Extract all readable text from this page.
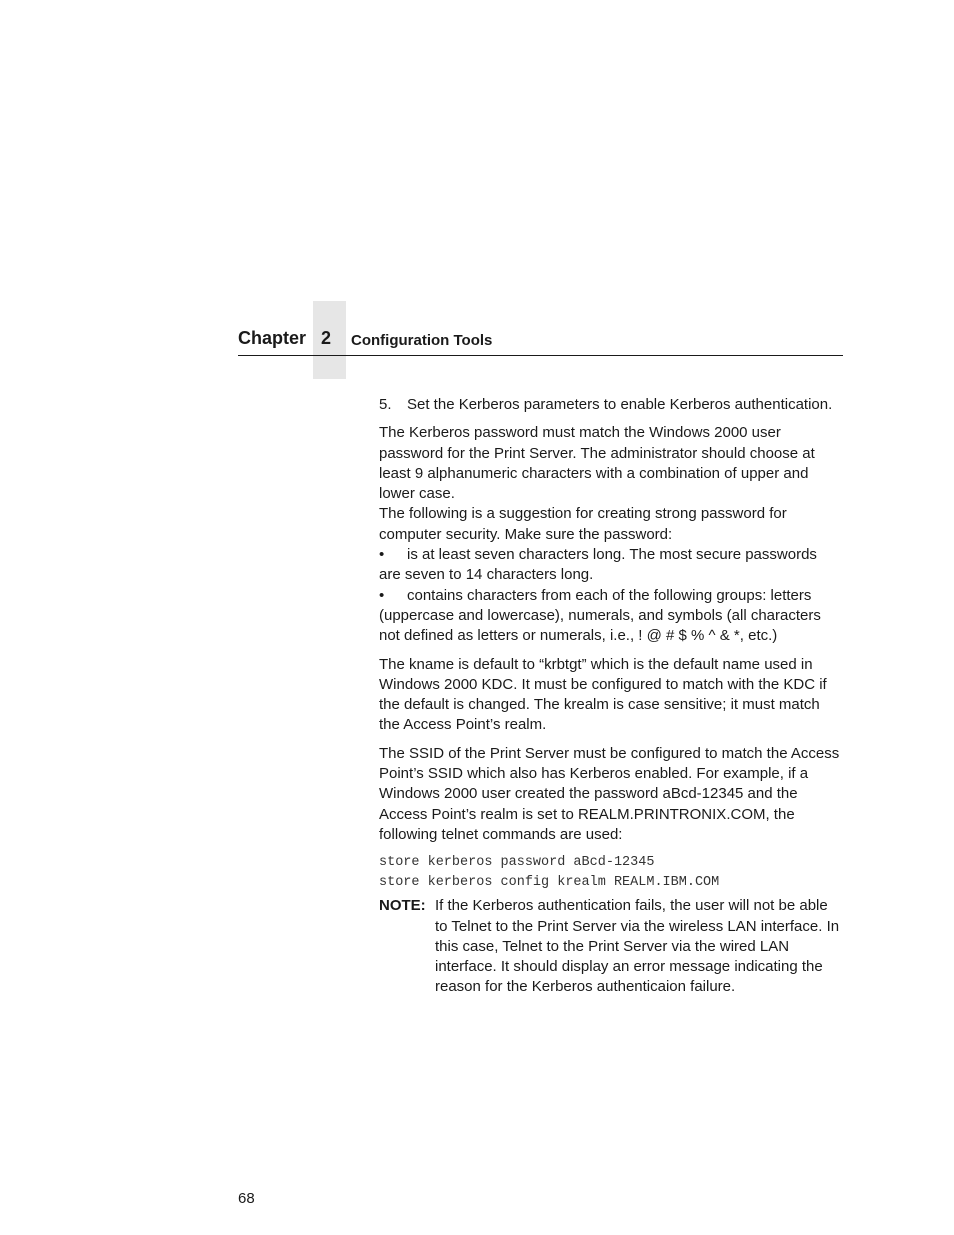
Chapter 2 Configuration Tools
5.	Set the Kerberos parameters to enable Kerberos authentication.

The Kerberos password must match the Windows 2000 user password for the Print Server. The administrator should choose at least 9 alphanumeric characters with a combination of upper and lower case.

The following is a suggestion for creating strong password for computer security. Make sure the password:

• is at least seven characters long. The most secure passwords are seven to 14 characters long.

• contains characters from each of the following groups: letters (uppercase and lowercase), numerals, and symbols (all characters not defined as letters or numerals, i.e., ! @ # $ % ^ & *, etc.)

The kname is default to “krbtgt” which is the default name used in Windows 2000 KDC. It must be configured to match with the KDC if the default is changed. The krealm is case sensitive; it must match the Access Point’s realm.

The SSID of the Print Server must be configured to match the Access Point’s SSID which also has Kerberos enabled. For example, if a Windows 2000 user created the password aBcd-12345 and the Access Point’s realm is set to REALM.PRINTRONIX.COM, the following telnet commands are used:

store kerberos password aBcd-12345
store kerberos config krealm REALM.IBM.COM
NOTE: If the Kerberos authentication fails, the user will not be able to Telnet to the Print Server via the wireless LAN interface. In this case, Telnet to the Print Server via the wired LAN interface. It should display an error message indicating the reason for the Kerberos authenticaion failure.

68
